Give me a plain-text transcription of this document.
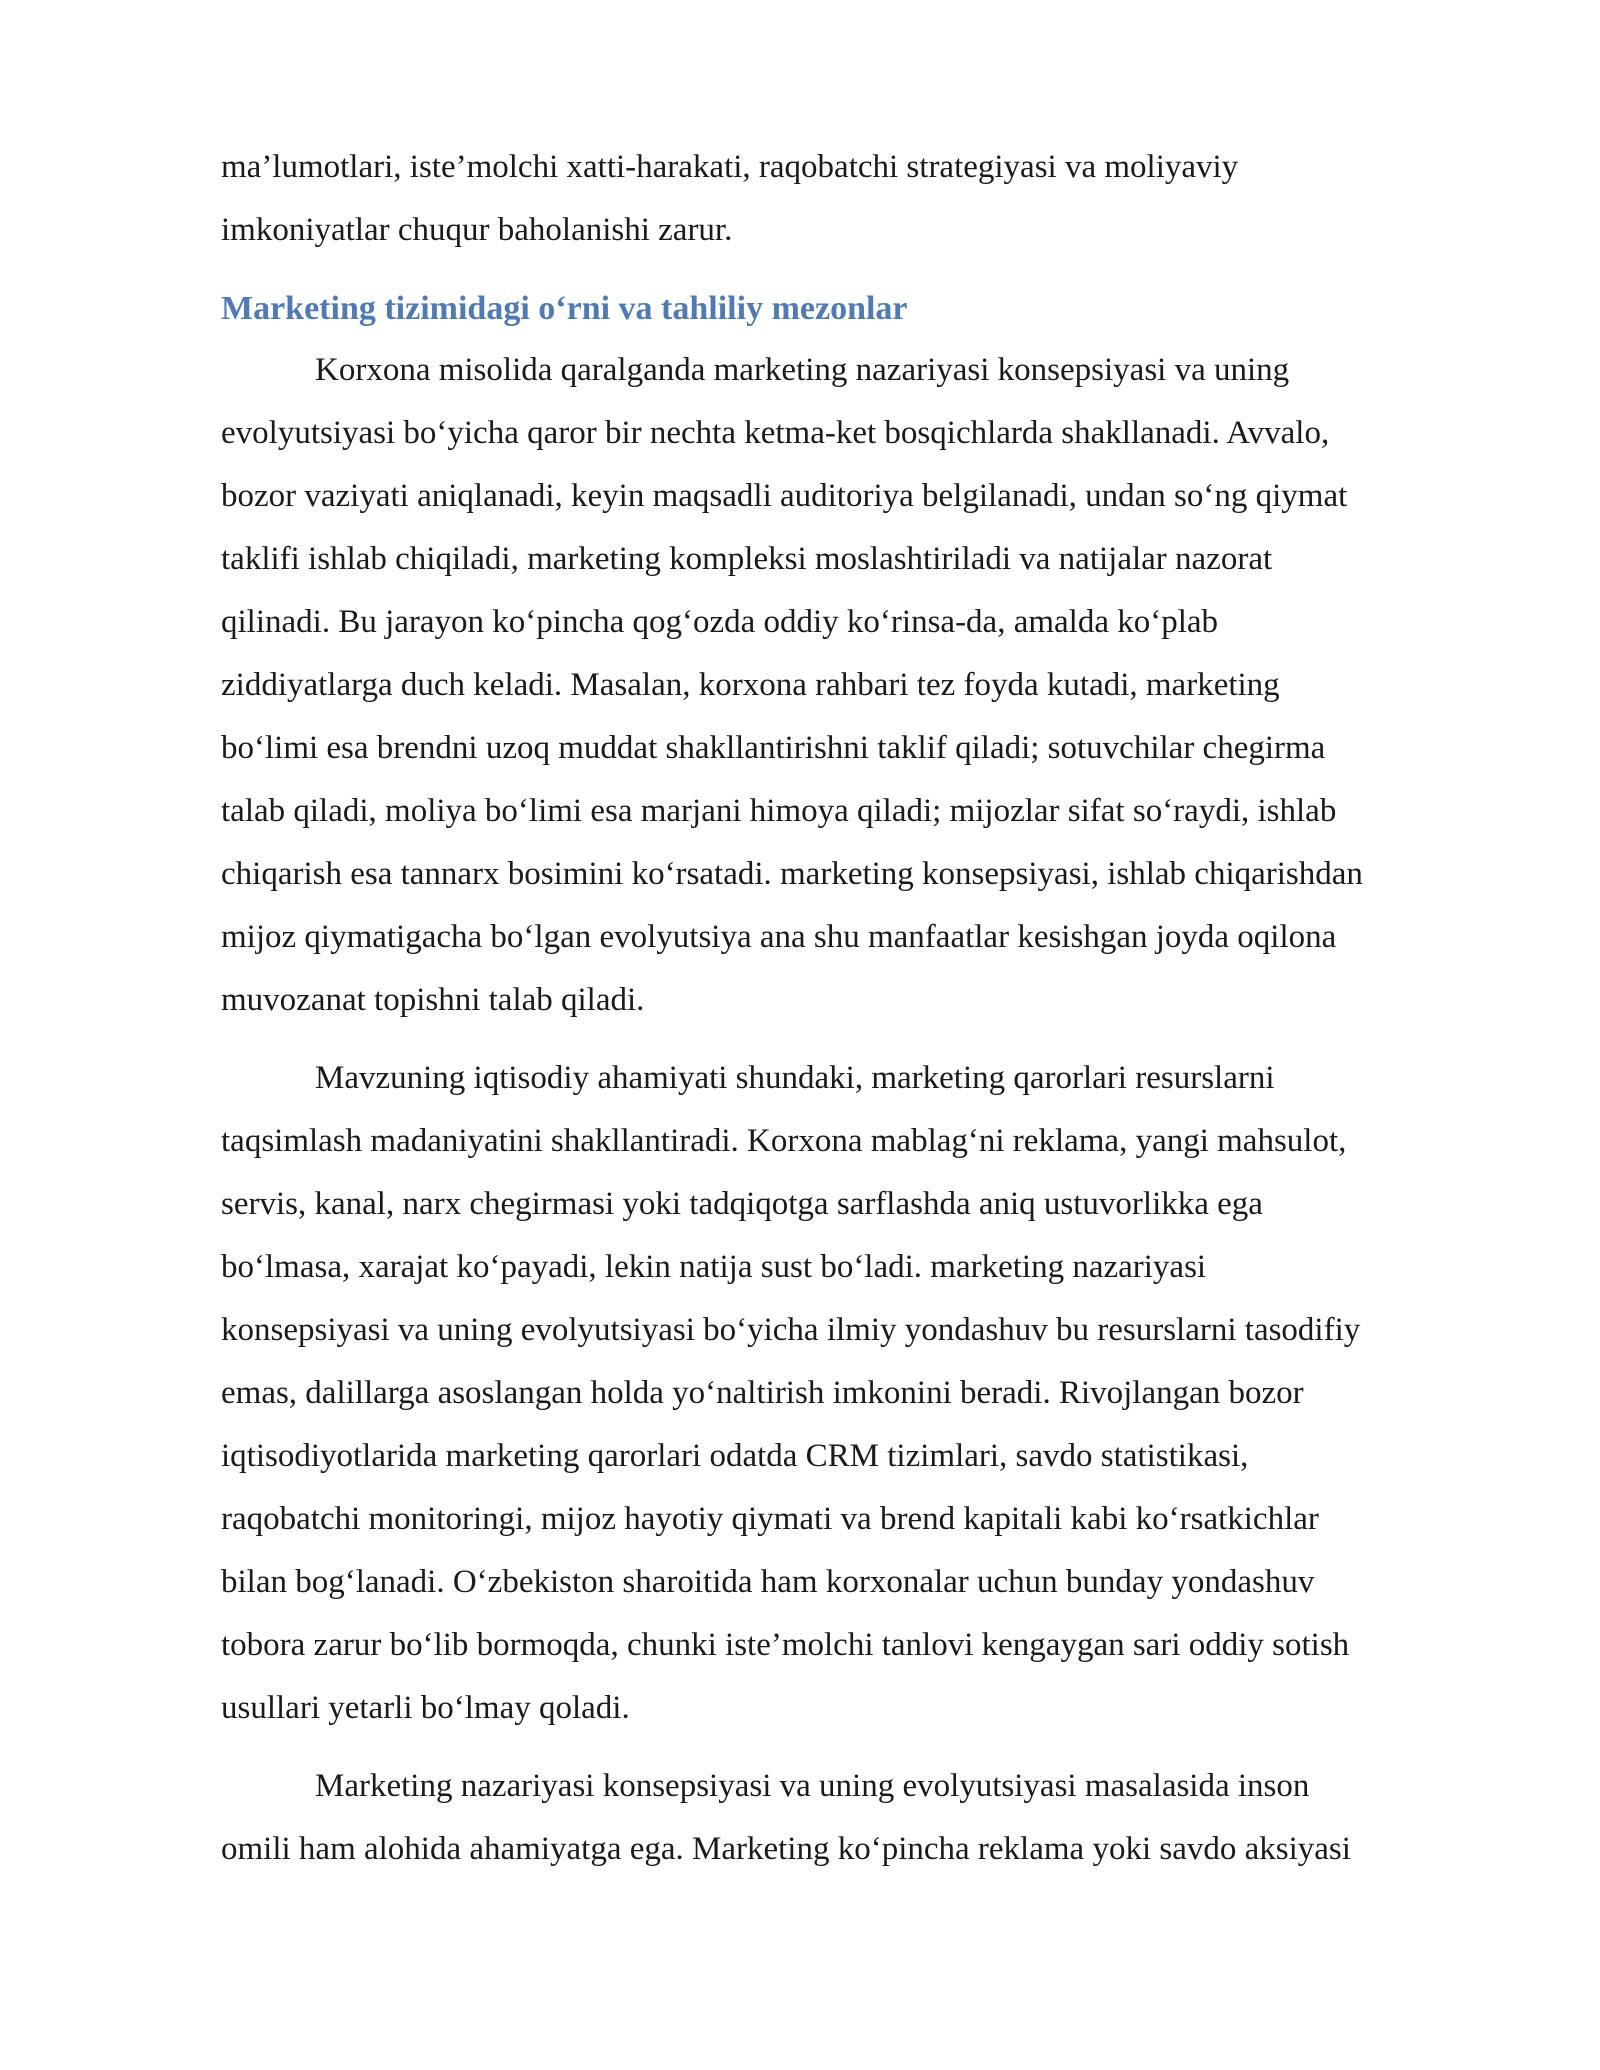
ma’lumotlari, iste’molchi xatti-harakati, raqobatchi strategiyasi va moliyaviy
imkoniyatlar chuqur baholanishi zarur.
Marketing tizimidagi o‘rni va tahliliy mezonlar
Korxona misolida qaralganda marketing nazariyasi konsepsiyasi va uning
evolyutsiyasi bo‘yicha qaror bir nechta ketma-ket bosqichlarda shakllanadi. Avvalo,
bozor vaziyati aniqlanadi, keyin maqsadli auditoriya belgilanadi, undan so‘ng qiymat
taklifi ishlab chiqiladi, marketing kompleksi moslashtiriladi va natijalar nazorat
qilinadi. Bu jarayon ko‘pincha qog‘ozda oddiy ko‘rinsa-da, amalda ko‘plab
ziddiyatlarga duch keladi. Masalan, korxona rahbari tez foyda kutadi, marketing
bo‘limi esa brendni uzoq muddat shakllantirishni taklif qiladi; sotuvchilar chegirma
talab qiladi, moliya bo‘limi esa marjani himoya qiladi; mijozlar sifat so‘raydi, ishlab
chiqarish esa tannarx bosimini ko‘rsatadi. marketing konsepsiyasi, ishlab chiqarishdan
mijoz qiymatigacha bo‘lgan evolyutsiya ana shu manfaatlar kesishgan joyda oqilona
muvozanat topishni talab qiladi.
Mavzuning iqtisodiy ahamiyati shundaki, marketing qarorlari resurslarni
taqsimlash madaniyatini shakllantiradi. Korxona mablag‘ni reklama, yangi mahsulot,
servis, kanal, narx chegirmasi yoki tadqiqotga sarflashda aniq ustuvorlikka ega
bo‘lmasa, xarajat ko‘payadi, lekin natija sust bo‘ladi. marketing nazariyasi
konsepsiyasi va uning evolyutsiyasi bo‘yicha ilmiy yondashuv bu resurslarni tasodifiy
emas, dalillarga asoslangan holda yo‘naltirish imkonini beradi. Rivojlangan bozor
iqtisodiyotlarida marketing qarorlari odatda CRM tizimlari, savdo statistikasi,
raqobatchi monitoringi, mijoz hayotiy qiymati va brend kapitali kabi ko‘rsatkichlar
bilan bog‘lanadi. O‘zbekiston sharoitida ham korxonalar uchun bunday yondashuv
tobora zarur bo‘lib bormoqda, chunki iste’molchi tanlovi kengaygan sari oddiy sotish
usullari yetarli bo‘lmay qoladi.
Marketing nazariyasi konsepsiyasi va uning evolyutsiyasi masalasida inson
omili ham alohida ahamiyatga ega. Marketing ko‘pincha reklama yoki savdo aksiyasi
